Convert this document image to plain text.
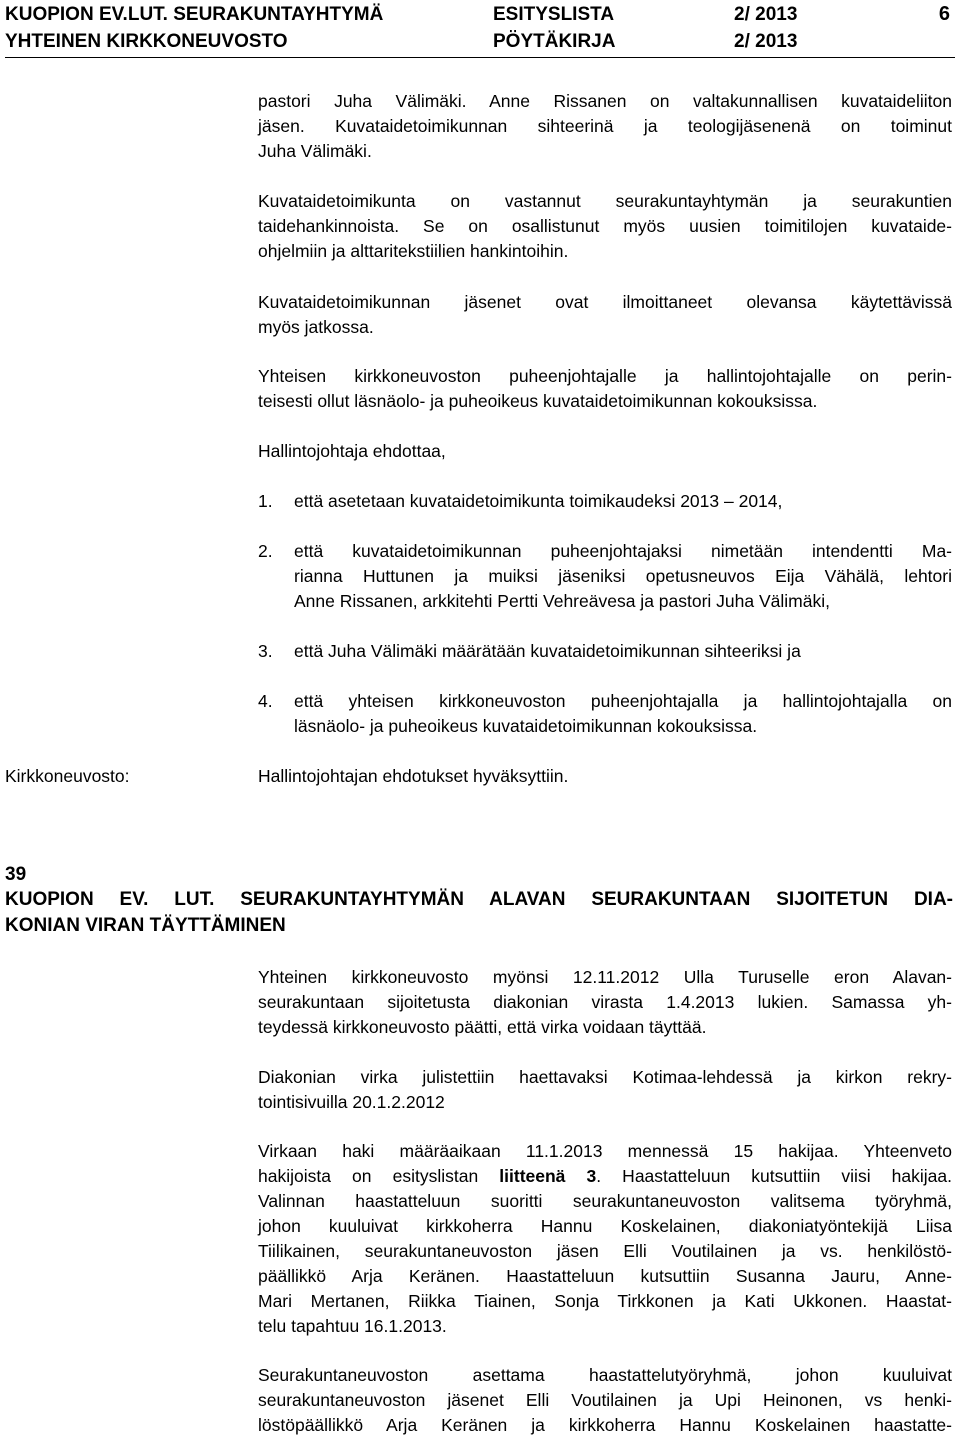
KUOPION EV.LUT. SEURAKUNTAYHTYMÄ
YHTEINEN KIRKKONEUVOSTO
ESITYSLISTA
PÖYTÄKIRJA
2/ 2013
2/ 2013
6
pastori Juha Välimäki. Anne Rissanen on valtakunnallisen kuvataideliiton
jäsen. Kuvataidetoimikunnan sihteerinä ja teologijäsenenä on toiminut
Juha Välimäki.
Kuvataidetoimikunta on vastannut seurakuntayhtymän ja seurakuntien
taidehankinnoista. Se on osallistunut myös uusien toimitilojen kuvataide-
ohjelmiin ja alttaritekstiilien hankintoihin.
Kuvataidetoimikunnan jäsenet ovat ilmoittaneet olevansa käytettävissä
myös jatkossa.
Yhteisen kirkkoneuvoston puheenjohtajalle ja hallintojohtajalle on perin-
teisesti ollut läsnäolo- ja puheoikeus kuvataidetoimikunnan kokouksissa.
Hallintojohtaja ehdottaa,
1. että asetetaan kuvataidetoimikunta toimikaudeksi 2013 – 2014,
2. että kuvataidetoimikunnan puheenjohtajaksi nimetään intendentti Ma-
rianna Huttunen ja muiksi jäseniksi opetusneuvos Eija Vähälä, lehtori
Anne Rissanen, arkkitehti Pertti Vehreävesa ja pastori Juha Välimäki,
3. että Juha Välimäki määrätään kuvataidetoimikunnan sihteeriksi ja
4. että yhteisen kirkkoneuvoston puheenjohtajalla ja hallintojohtajalla on
läsnäolo- ja puheoikeus kuvataidetoimikunnan kokouksissa.
Kirkkoneuvosto:	Hallintojohtajan ehdotukset hyväksyttiin.
39
KUOPION EV. LUT. SEURAKUNTAYHTYMÄN ALAVAN SEURAKUNTAAN SIJOITETUN DIA-
KONIAN VIRAN TÄYTTÄMINEN
Yhteinen kirkkoneuvosto myönsi 12.11.2012 Ulla Turuselle eron Alavan-
seurakuntaan sijoitetusta diakonian virasta 1.4.2013 lukien. Samassa yh-
teydessä kirkkoneuvosto päätti, että virka voidaan täyttää.
Diakonian virka julistettiin haettavaksi Kotimaa-lehdessä ja kirkon rekry-
tointisivuilla 20.1.2.2012
Virkaan haki määräaikaan 11.1.2013 mennessä 15 hakijaa. Yhteenveto
hakijoista on esityslistan liitteenä 3. Haastatteluun kutsuttiin viisi hakijaa.
Valinnan haastatteluun suoritti seurakuntaneuvoston valitsema työryhmä,
johon kuuluivat kirkkoherra Hannu Koskelainen, diakoniatyöntekijä Liisa
Tiilikainen, seurakuntaneuvoston jäsen Elli Voutilainen ja vs. henkilöstö-
päällikkö Arja Keränen. Haastatteluun kutsuttiin Susanna Jauru, Anne-
Mari Mertanen, Riikka Tiainen, Sonja Tirkkonen ja Kati Ukkonen. Haastat-
telu tapahtuu 16.1.2013.
Seurakuntaneuvoston asettama haastattelutyöryhmä, johon kuuluivat
seurakuntaneuvoston jäsenet Elli Voutilainen ja Upi Heinonen, vs henki-
löstöpäällikkö Arja Keränen ja kirkkoherra Hannu Koskelainen haastatte-
